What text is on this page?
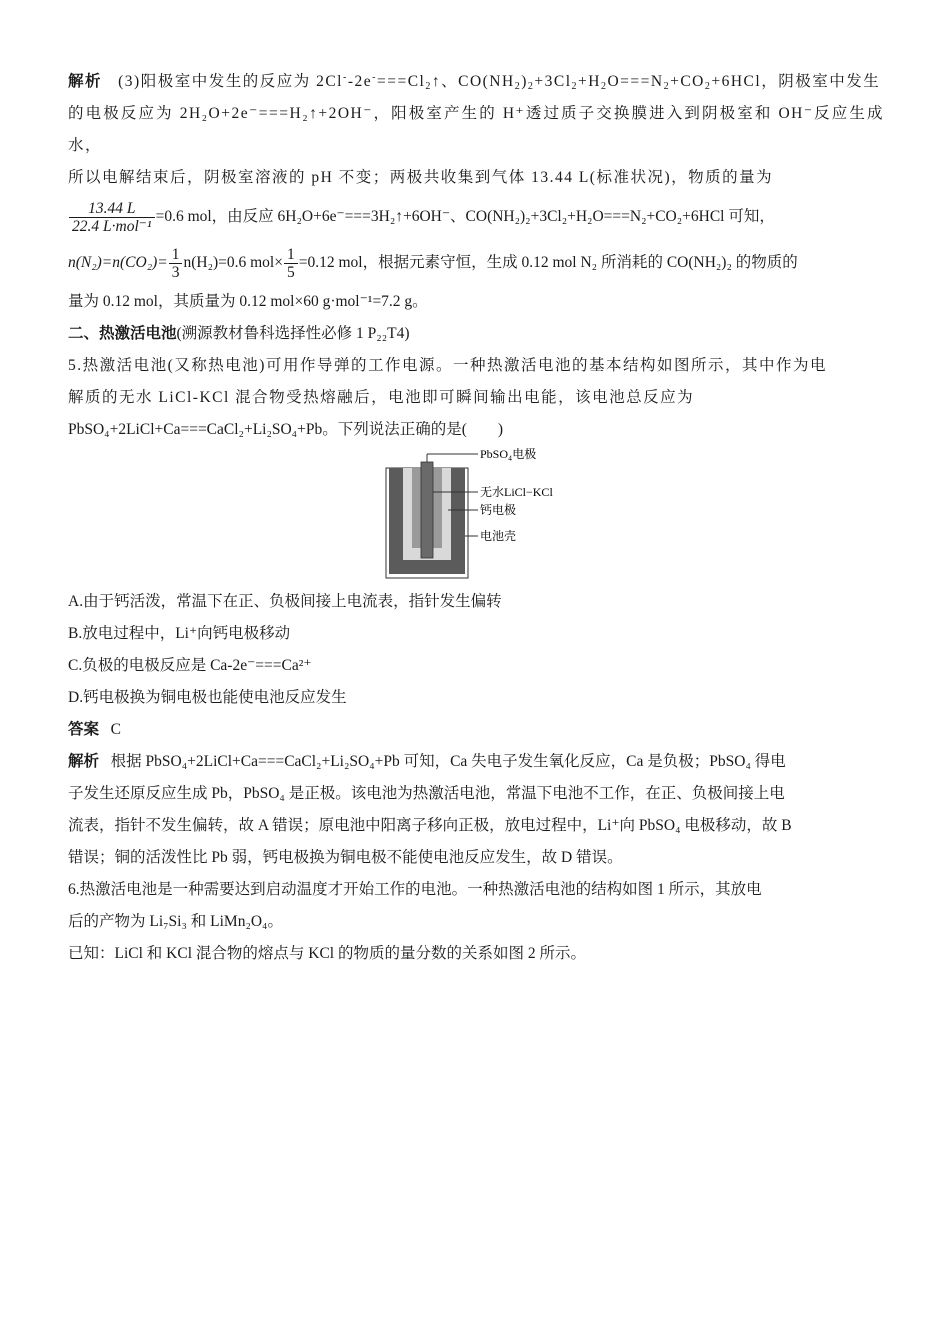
解析 (3)阳极室中发生的反应为 $2Cl^--2e^-===Cl_2↑$、$CO(NH_2)_2+3Cl_2+H_2O===N_2+CO_2+6HCl$，阴极室中发生

的电极反应为 2H₂O+2e⁻===H₂↑+2OH⁻，阳极室产生的 H⁺透过质子交换膜进入到阴极室和 OH⁻反应生成水，

所以电解结束后，阴极室溶液的 pH 不变；两极共收集到气体 13.44 L(标准状况)，物质的量为

$\frac{13.44 L}{\text{22.4 L·mol⁻¹}} =0.6$ mol，由反应 6H₂O+6e⁻===3H₂↑+6OH⁻、CO(NH₂)₂+3Cl₂+H₂O===N₂+CO₂+6HCl 可知，

$n(N_2)=n(CO_2)= \frac{1}{3} n(H_2)=0.6$ $mol\times \frac{1}{5} =0.12$ mol，根据元素守恒，生成 0.12 mol N₂ 所消耗的 CO(NH₂)₂ 的物质的

量为 0.12 mol，其质量为 0.12 mol×60 g·mol⁻¹=7.2 g。

二、热激活电池(溯源教材鲁科选择性必修 1 P₂₂T4)

5.热激活电池(又称热电池)可用作导弹的工作电源。一种热激活电池的基本结构如图所示，其中作为电

解质的无水 LiCl-KCl 混合物受热熔融后，电池即可瞬间输出电能，该电池总反应为

PbSO₄+2LiCl+Ca===CaCl₂+Li₂SO₄+Pb。下列说法正确的是(　　)

PbSO₄电极
无水LiCl−KCl
钙电极
电池壳

A.由于钙活泼，常温下在正、负极间接上电流表，指针发生偏转

B.放电过程中，Li⁺向钙电极移动

C.负极的电极反应是 Ca-2e⁻===Ca²⁺

D.钙电极换为铜电极也能使电池反应发生

答案 C

解析 根据 PbSO₄+2LiCl+Ca===CaCl₂+Li₂SO₄+Pb 可知，Ca 失电子发生氧化反应，Ca 是负极；PbSO₄ 得电

子发生还原反应生成 Pb，PbSO₄ 是正极。该电池为热激活电池，常温下电池不工作，在正、负极间接上电

流表，指针不发生偏转，故 A 错误；原电池中阳离子移向正极，放电过程中，Li⁺向 PbSO₄ 电极移动，故 B

错误；铜的活泼性比 Pb 弱，钙电极换为铜电极不能使电池反应发生，故 D 错误。

6.热激活电池是一种需要达到启动温度才开始工作的电池。一种热激活电池的结构如图 1 所示，其放电

后的产物为 Li₇Si₃ 和 LiMn₂O₄。

已知：LiCl 和 KCl 混合物的熔点与 KCl 的物质的量分数的关系如图 2 所示。
